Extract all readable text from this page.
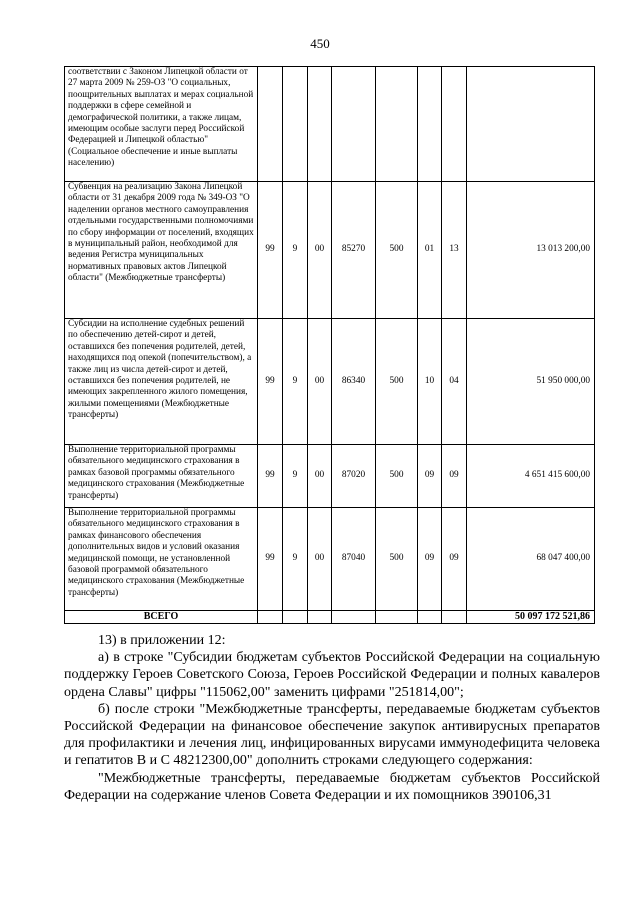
450
соответствии с Законом Липецкой области от 27 марта 2009 № 259-ОЗ "О социальных, поощрительных выплатах и мерах социальной поддержки в сфере семейной и демографической политики, а также лицам, имеющим особые заслуги перед Российской Федерацией и Липецкой областью" (Социальное обеспечение и иные выплаты населению)								
Субвенция на реализацию Закона Липецкой области от 31 декабря 2009 года № 349-ОЗ "О наделении органов местного самоуправления отдельными государственными полномочиями по сбору информации от поселений, входящих в муниципальный район, необходимой для ведения Регистра муниципальных нормативных правовых актов Липецкой области" (Межбюджетные трансферты)	99	9	00	85270	500	01	13	13 013 200,00
Субсидии на исполнение судебных решений по обеспечению детей-сирот и детей, оставшихся без попечения родителей, детей, находящихся под опекой (попечительством), а также лиц из числа детей-сирот и детей, оставшихся без попечения родителей, не имеющих закрепленного жилого помещения, жилыми помещениями (Межбюджетные трансферты)	99	9	00	86340	500	10	04	51 950 000,00
Выполнение территориальной программы обязательного медицинского страхования в рамках базовой программы обязательного медицинского страхования (Межбюджетные трансферты)	99	9	00	87020	500	09	09	4 651 415 600,00
Выполнение территориальной программы обязательного медицинского страхования в рамках финансового обеспечения дополнительных видов и условий оказания медицинской помощи, не установленной базовой программой обязательного медицинского страхования (Межбюджетные трансферты)	99	9	00	87040	500	09	09	68 047 400,00
ВСЕГО								50 097 172 521,86

13) в приложении 12:

а) в строке "Субсидии бюджетам субъектов Российской Федерации на социальную поддержку Героев Советского Союза, Героев Российской Федерации и полных кавалеров ордена Славы" цифры "115062,00" заменить цифрами "251814,00";

б) после строки "Межбюджетные трансферты, передаваемые бюджетам субъектов Российской Федерации на финансовое обеспечение закупок антивирусных препаратов для профилактики и лечения лиц, инфицированных вирусами иммунодефицита человека и гепатитов В и С 48212300,00" дополнить строками следующего содержания:

"Межбюджетные трансферты, передаваемые бюджетам субъектов Российской Федерации на содержание членов Совета Федерации и их помощников 390106,31
